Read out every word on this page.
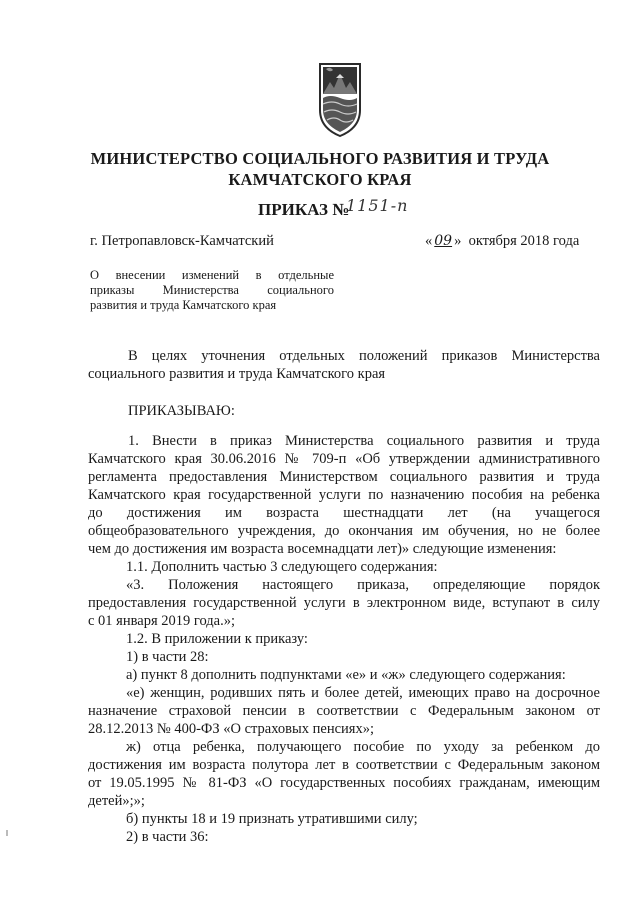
МИНИСТЕРСТВО СОЦИАЛЬНОГО РАЗВИТИЯ И ТРУДА
КАМЧАТСКОГО КРАЯ
ПРИКАЗ №
1151-п
г. Петропавловск-Камчатский	« 09 » октября 2018 года
О внесении изменений в отдельные
приказы Министерства социального
развития и труда Камчатского края
В целях уточнения отдельных положений приказов Министерства
социального развития и труда Камчатского края
ПРИКАЗЫВАЮ:
1. Внести в приказ Министерства социального развития и труда
Камчатского края 30.06.2016 № 709-п «Об утверждении административного
регламента предоставления Министерством социального развития и труда
Камчатского края государственной услуги по назначению пособия на ребенка
до достижения им возраста шестнадцати лет (на учащегося
общеобразовательного учреждения, до окончания им обучения, но не более
чем до достижения им возраста восемнадцати лет)» следующие изменения:
1.1. Дополнить частью 3 следующего содержания:
«3. Положения настоящего приказа, определяющие порядок
предоставления государственной услуги в электронном виде, вступают в силу
с 01 января 2019 года.»;
1.2. В приложении к приказу:
1) в части 28:
а) пункт 8 дополнить подпунктами «е» и «ж» следующего содержания:
«е) женщин, родивших пять и более детей, имеющих право на досрочное
назначение страховой пенсии в соответствии с Федеральным законом от
28.12.2013 № 400-ФЗ «О страховых пенсиях»;
ж) отца ребенка, получающего пособие по уходу за ребенком до
достижения им возраста полутора лет в соответствии с Федеральным законом
от 19.05.1995 № 81-ФЗ «О государственных пособиях гражданам, имеющим
детей»;»;
б) пункты 18 и 19 признать утратившими силу;
2) в части 36:
